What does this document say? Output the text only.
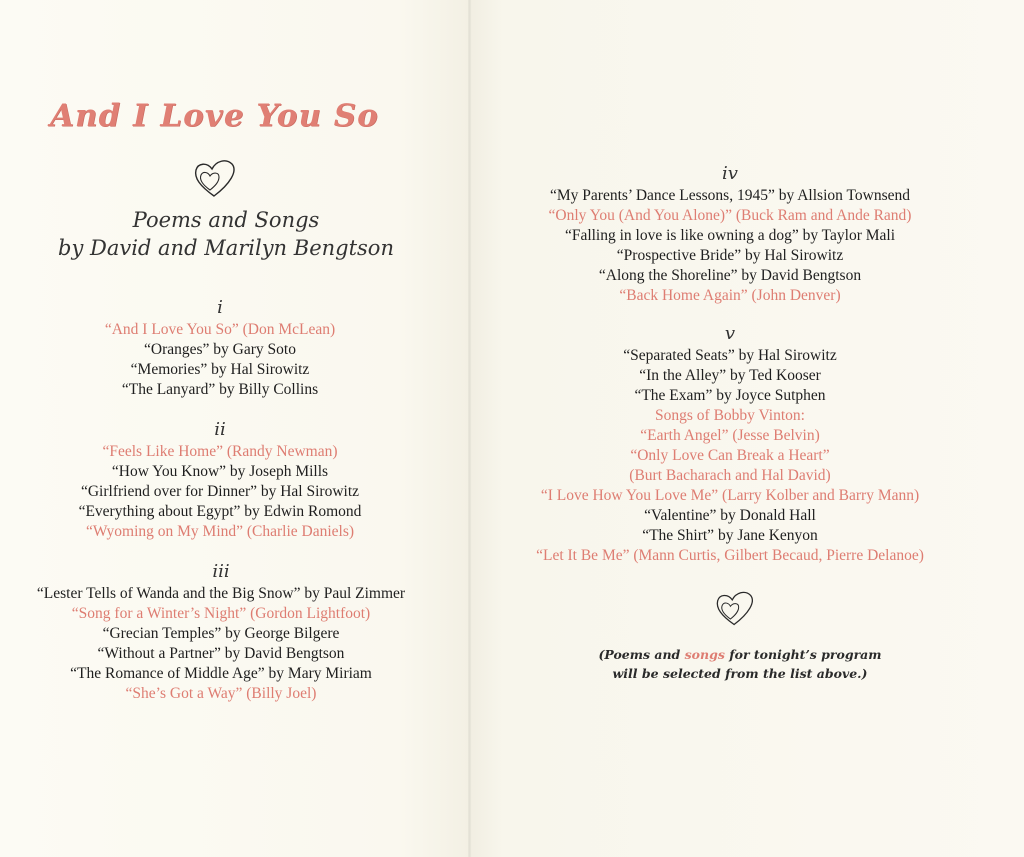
And I Love You So
Poems and Songs
by David and Marilyn Bengtson
i
“And I Love You So” (Don McLean)
“Oranges” by Gary Soto
“Memories” by Hal Sirowitz
“The Lanyard” by Billy Collins
ii
“Feels Like Home” (Randy Newman)
“How You Know” by Joseph Mills
“Girlfriend over for Dinner” by Hal Sirowitz
“Everything about Egypt” by Edwin Romond
“Wyoming on My Mind” (Charlie Daniels)
iii
“Lester Tells of Wanda and the Big Snow” by Paul Zimmer
“Song for a Winter’s Night” (Gordon Lightfoot)
“Grecian Temples” by George Bilgere
“Without a Partner” by David Bengtson
“The Romance of Middle Age” by Mary Miriam
“She’s Got a Way” (Billy Joel)
iv
“My Parents’ Dance Lessons, 1945” by Allsion Townsend
“Only You (And You Alone)” (Buck Ram and Ande Rand)
“Falling in love is like owning a dog” by Taylor Mali
“Prospective Bride” by Hal Sirowitz
“Along the Shoreline” by David Bengtson
“Back Home Again” (John Denver)
v
“Separated Seats” by Hal Sirowitz
“In the Alley” by Ted Kooser
“The Exam” by Joyce Sutphen
Songs of Bobby Vinton:
“Earth Angel” (Jesse Belvin)
“Only Love Can Break a Heart”
(Burt Bacharach and Hal David)
“I Love How You Love Me” (Larry Kolber and Barry Mann)
“Valentine” by Donald Hall
“The Shirt” by Jane Kenyon
“Let It Be Me” (Mann Curtis, Gilbert Becaud, Pierre Delanoe)
(Poems and songs for tonight’s program
will be selected from the list above.)
